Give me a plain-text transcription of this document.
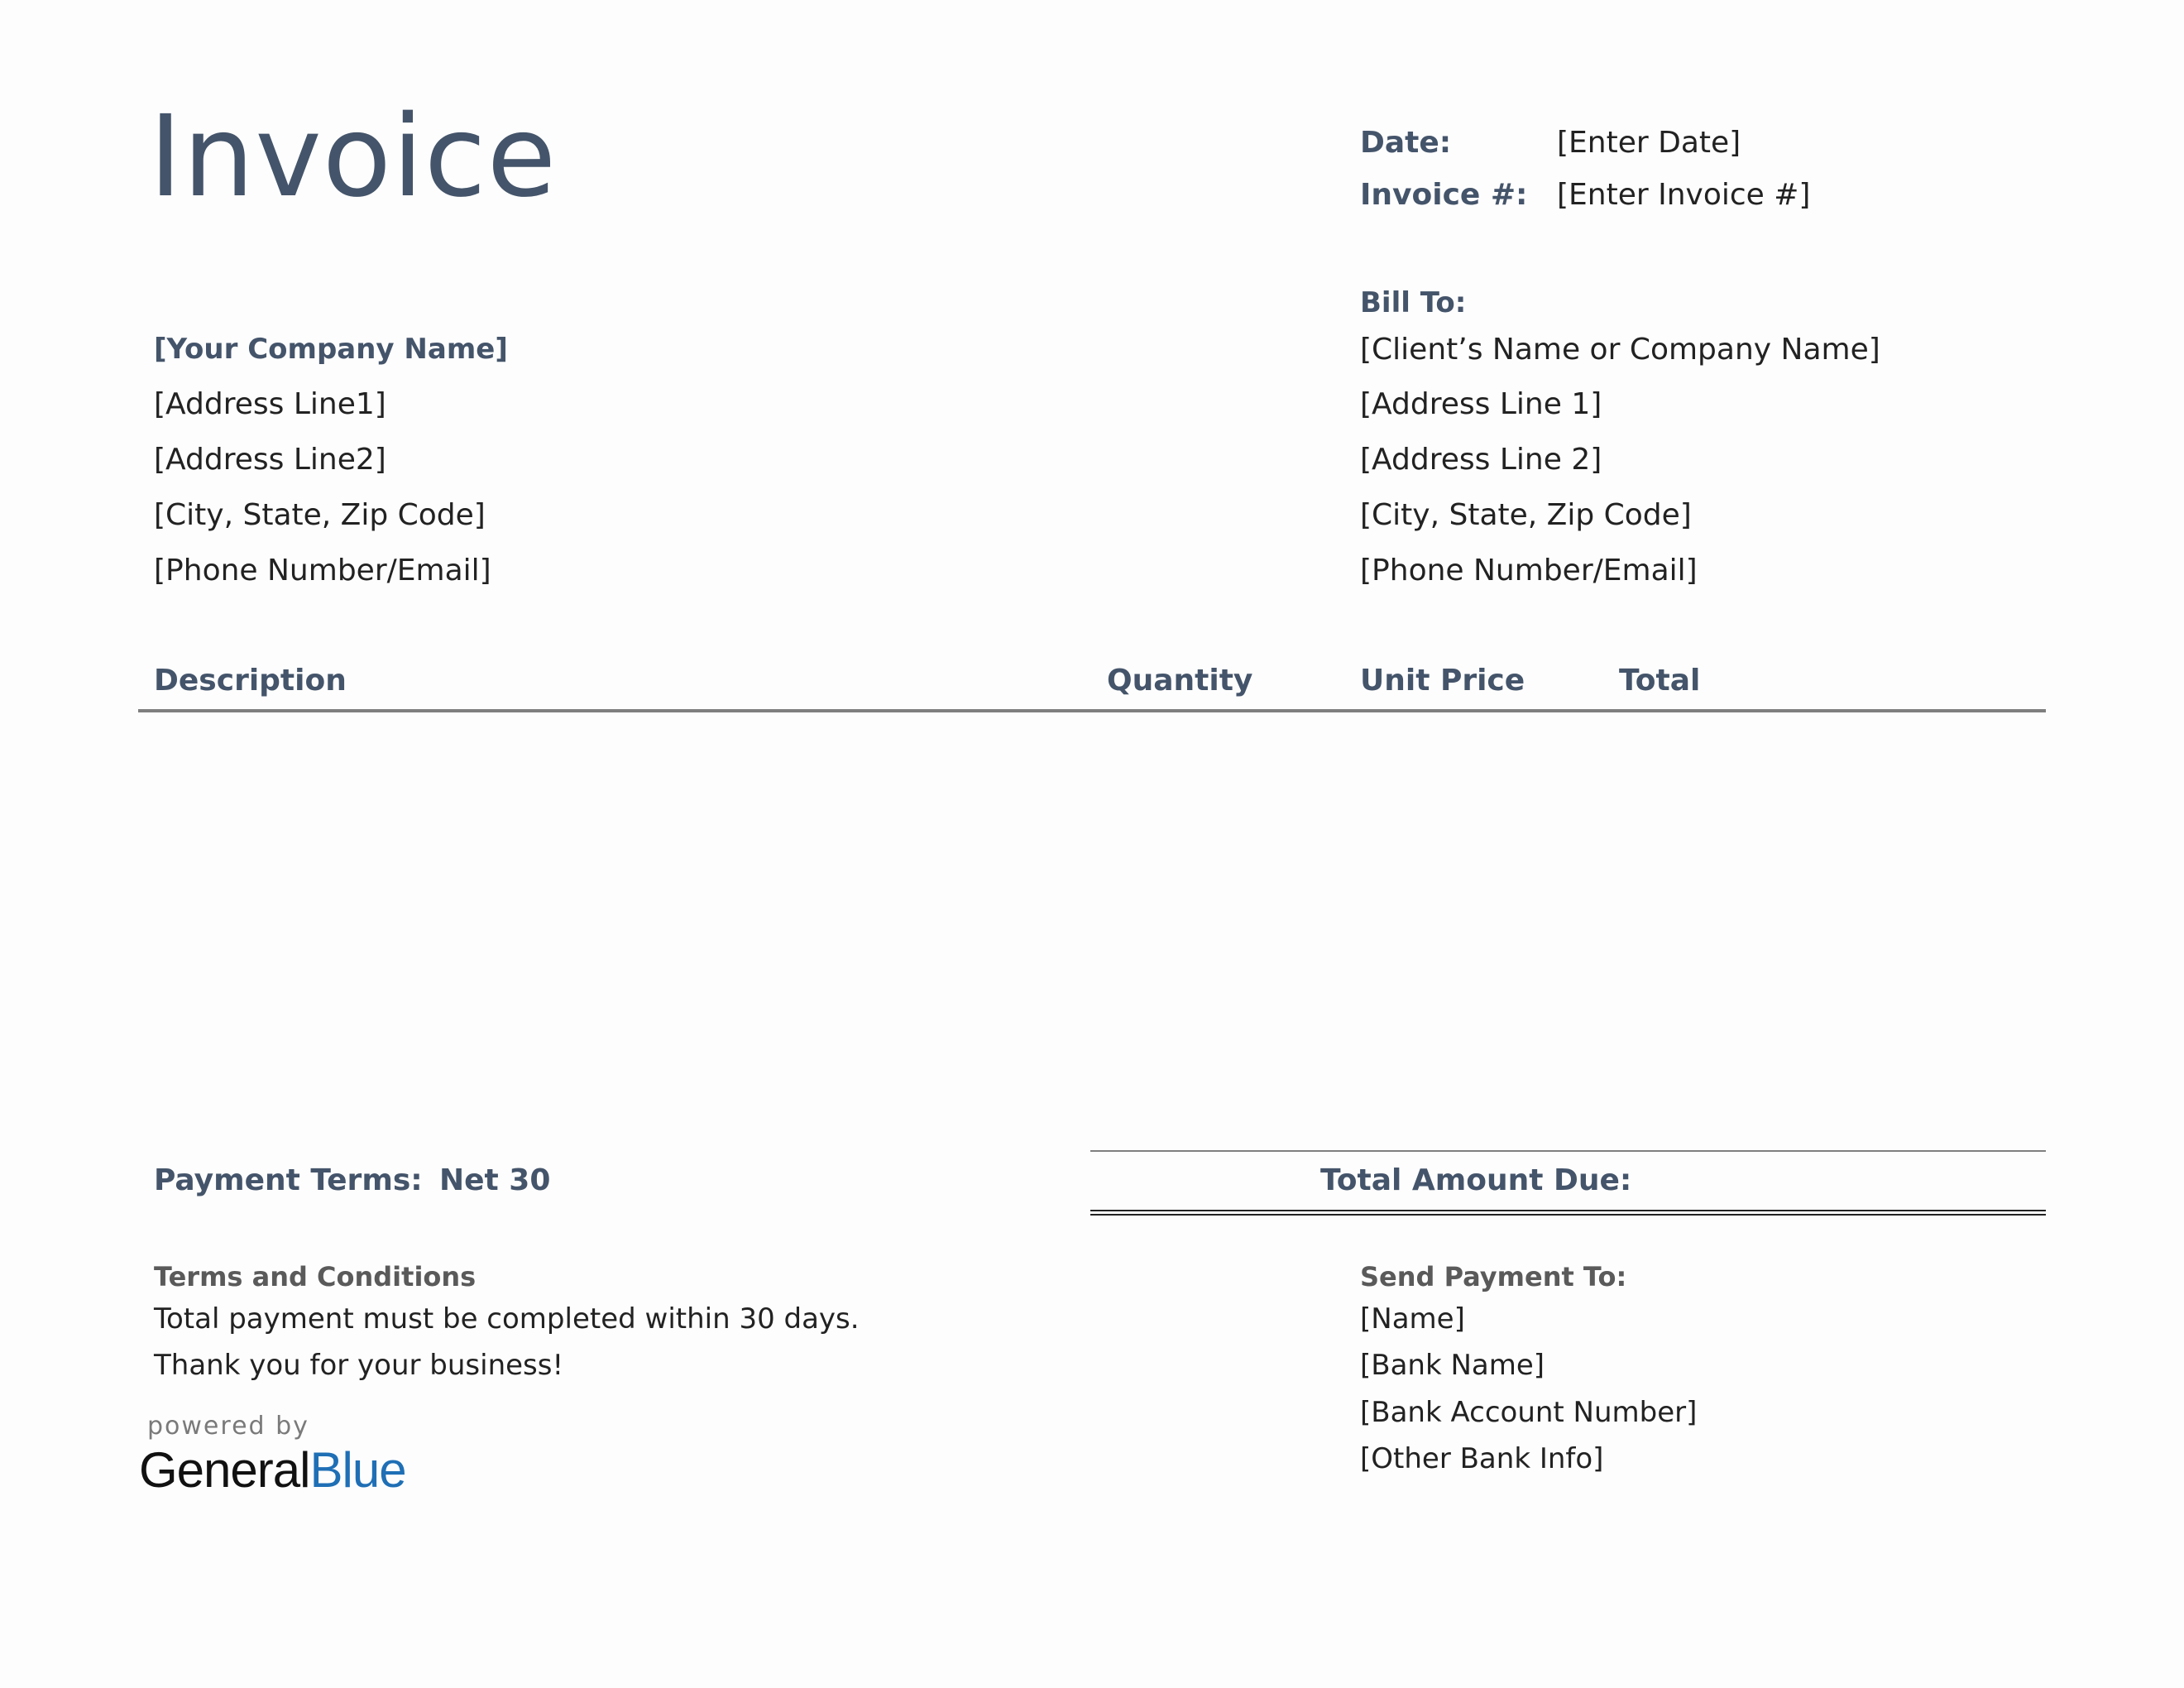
Invoice	Date:	[Enter Date]
Invoice #: [Enter Invoice #]
[Your Company Name]
[Address Line1]
[Address Line2]
[City, State, Zip Code]
[Phone Number/Email]
Bill To:
[Client’s Name or Company Name]
[Address Line 1]
[Address Line 2]
[City, State, Zip Code]
[Phone Number/Email]
Description	Quantity	Unit Price	Total
Payment Terms: Net 30	Total Amount Due:
Terms and Conditions
Total payment must be completed within 30 days.
Thank you for your business!
Send Payment To:
[Name]
[Bank Name]
[Bank Account Number]
[Other Bank Info]
powered by
GeneralBlue
